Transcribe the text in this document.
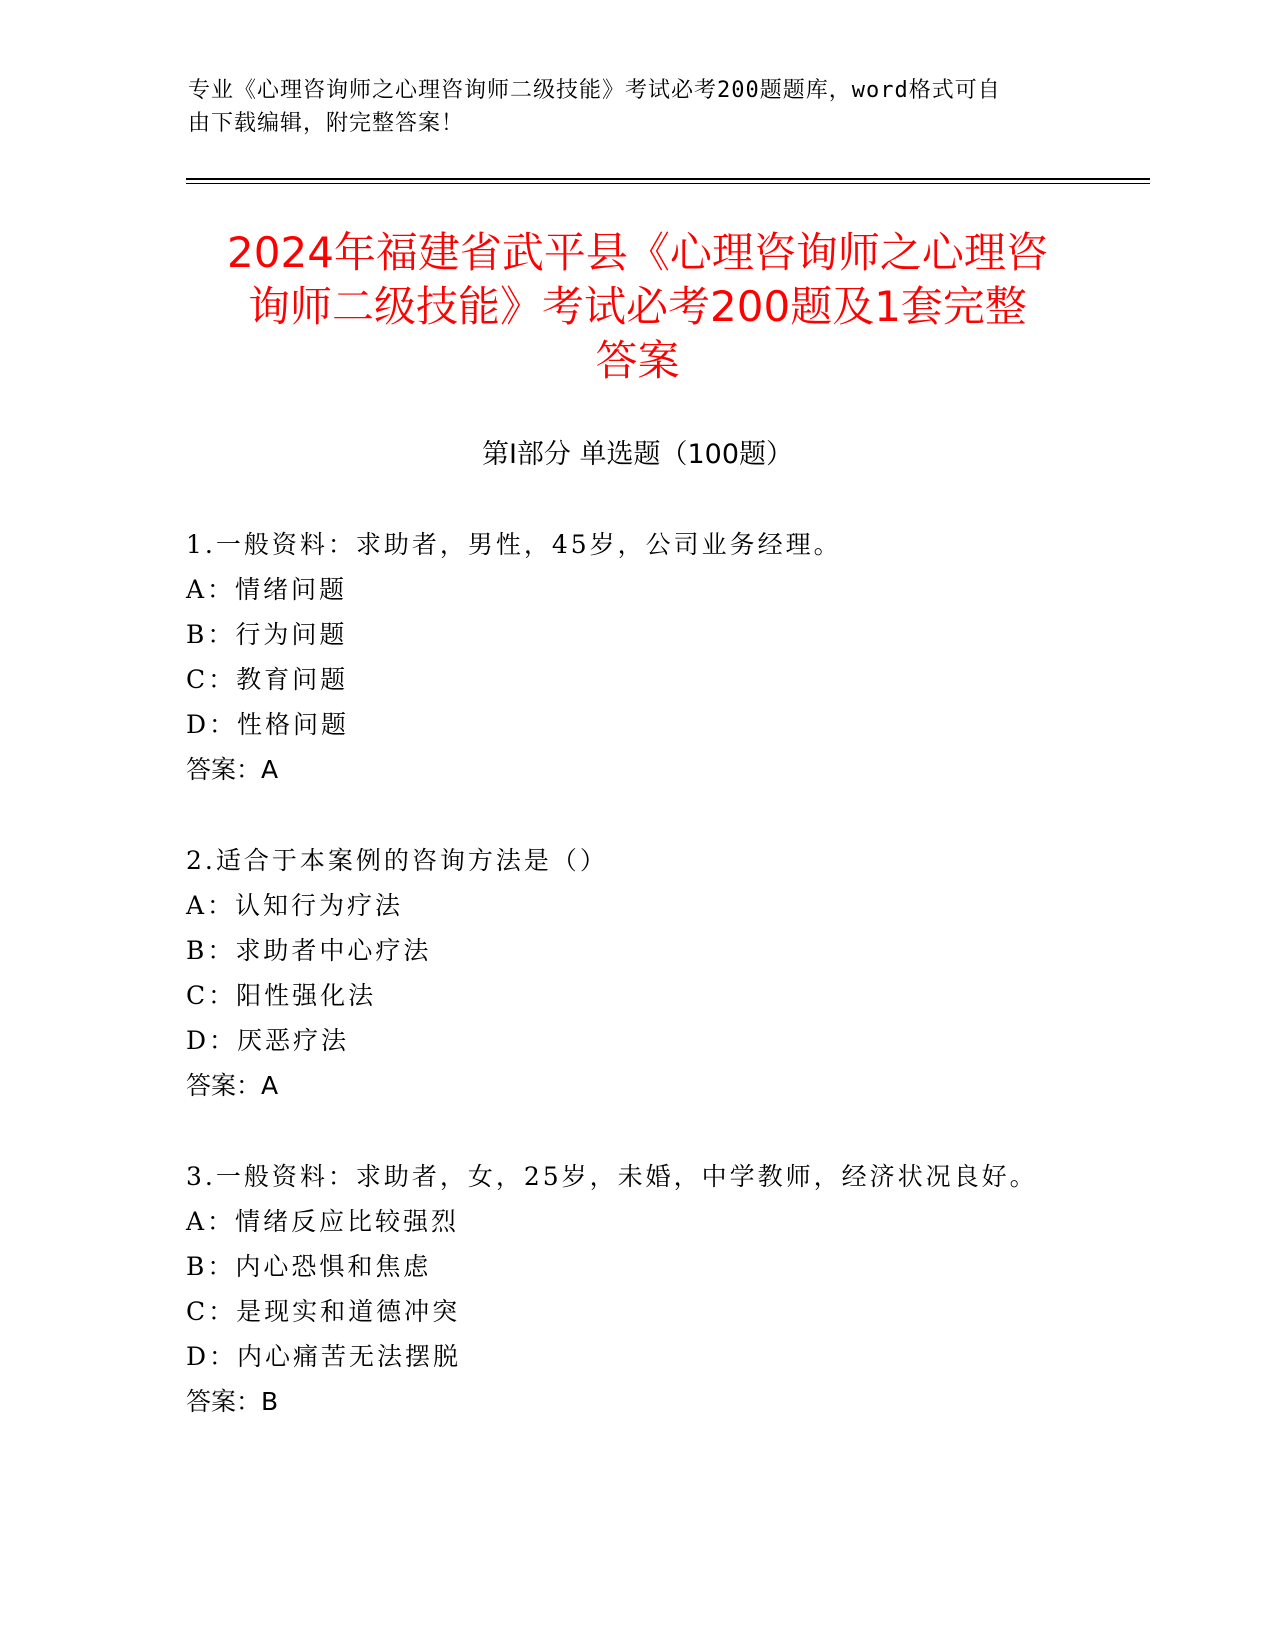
专业《心理咨询师之心理咨询师二级技能》考试必考200题题库，word格式可自
由下载编辑，附完整答案！
2024年福建省武平县《心理咨询师之心理咨
询师二级技能》考试必考200题及1套完整
答案
第I部分 单选题（100题）
1.一般资料：求助者，男性，45岁，公司业务经理。
A：情绪问题
B：行为问题
C：教育问题
D：性格问题
答案：A
2.适合于本案例的咨询方法是（）
A：认知行为疗法
B：求助者中心疗法
C：阳性强化法
D：厌恶疗法
答案：A
3.一般资料：求助者，女，25岁，未婚，中学教师，经济状况良好。
A：情绪反应比较强烈
B：内心恐惧和焦虑
C：是现实和道德冲突
D：内心痛苦无法摆脱
答案：B
